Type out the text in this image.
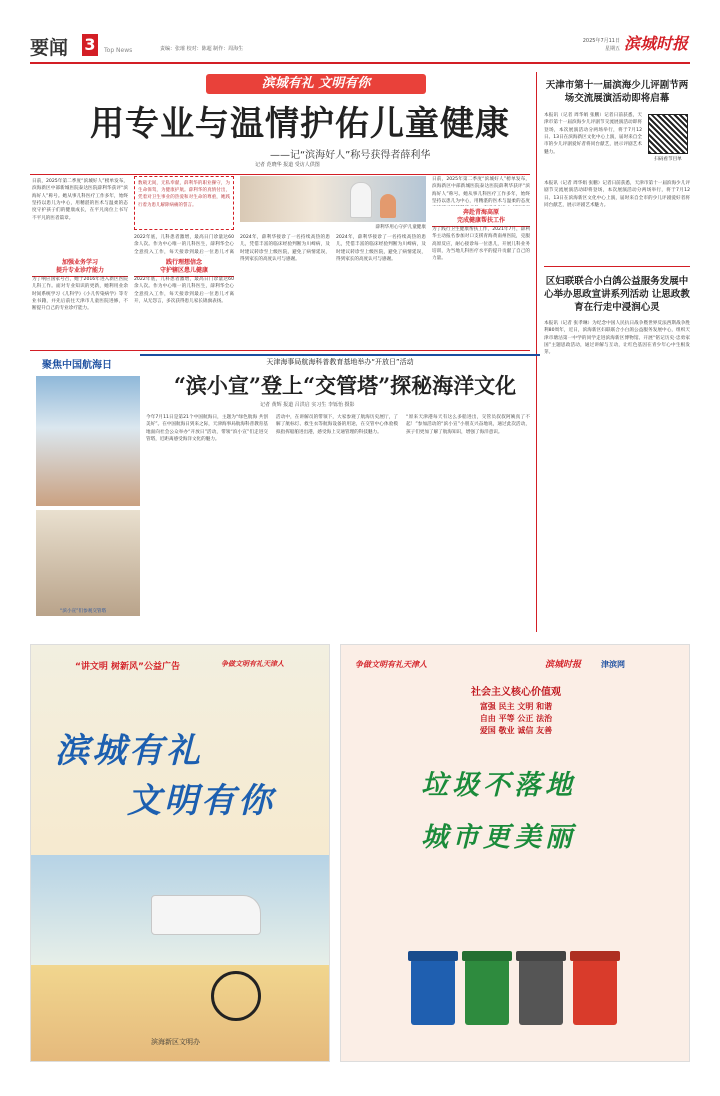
要闻 3	Top News	责编：张璀 校对：陈超 制作：周海生
2025年7月11日
星期五 滨城时报
滨城有礼 文明有你
用专业与温情护佑儿童健康
——记“滨海好人”称号获得者薛利华
记者 范晓华 报道 受访人供图
日前，2025年第二季度“滨城好人”榜单发布，滨海新区中部新城医院泰达医院薛利华获评“滨海好人”称号。她从事儿科医疗工作多年，始终坚持以患儿为中心，用精湛的医术与温柔的态度守护孩子们的健康成长，在平凡岗位上书写不平凡的医者篇章。
加强业务学习
提升专业诊疗能力
为了响应国家号召，她于2016年进入新区医院儿科工作。面对专业知识的更新，她利用业余时间系统学习《儿科学》《小儿传染病学》等专业书籍，并先后前往天津市儿童医院进修，不断提升自己的专业诊疗能力。
数载无间，无私奉献，薛利华的职业操守，为生命保驾，为健康护航。薛利华的真情付出，凭着对卫生事业的热爱和对生命的尊重，她践行着为患儿解除病痛的誓言。
2022年底，儿科患者激增，最高日门诊量达60余人次。作为中心唯一的儿科医生，薛利华全心全意投入工作，每天接诊到最后一位患儿才离
践行理想信念
守护辖区患儿健康
2022年底，儿科患者激增，最高日门诊量达60余人次。作为中心唯一的儿科医生，薛利华全心全意投入工作，每天接诊到最后一位患儿才离开，从无怨言，多次获得患儿家长锦旗表扬。
薛利华用心守护儿童健康
2024年，薛利华接诊了一名持续高热的患儿，凭借丰富的临床经验判断为川崎病，及时建议转诊至上级医院，避免了病情延误，得到家长的高度认可与感谢。
2024年，薛利华接诊了一名持续高热的患儿，凭借丰富的临床经验判断为川崎病，及时建议转诊至上级医院，避免了病情延误，得到家长的高度认可与感谢。
日前，2025年第二季度“滨城好人”榜单发布，滨海新区中部新城医院泰达医院薛利华获评“滨海好人”称号。她从事儿科医疗工作多年，始终坚持以患儿为中心，用精湛的医术与温柔的态度
奔赴青海高原
完成健康帮扶工作
为了践行卫生健康帮扶工作，2021年7月，薛利华主动报名参加对口支援青海黄南州医院，克服高原反应，耐心接诊每一位患儿，开展儿科业务培训，为当地儿科医疗水平的提升贡献了自己的力量。
天津市第十一届滨海少儿评剧节两场交流展演活动即将启幕
本报讯（记者 周华娟 张鹏）记者日前获悉，天津市第十一届滨海少儿评剧节交流展演活动即将登场，本次展演活动分两场举行，将于7月12日、13日在滨海新区文化中心上演，届时来自全市的少儿评剧爱好者将同台献艺，展示评剧艺术魅力。
扫码看节目单
本报讯（记者 周华娟 张鹏）记者日前获悉，天津市第十一届滨海少儿评剧节交流展演活动即将登场，本次展演活动分两场举行，将于7月12日、13日在滨海新区文化中心上演，届时来自全市的少儿评剧爱好者将同台献艺，展示评剧艺术魅力。
区妇联联合小白鸽公益服务发展中心举办思政宣讲系列活动 让思政教育在行走中浸润心灵
本报讯（记者 张孝琳）为纪念中国人民抗日战争暨世界反法西斯战争胜利80周年，近日，滨海新区妇联联合小白鸽公益服务发展中心，组织天津市塘沽第一中学的同学走进滨海新区博物馆、开展“铭记历史·忠勇家国”主题思政活动，通过讲解与互动，让红色基因在青少年心中生根发芽。
聚焦中国航海日	天津海事局航海科普教育基地举办“开放日”活动
“滨小宣”登上“交管塔”探秘海洋文化
记者 黄辉 报道 吕洪启 实习生 李铄怡 摄影
“滨小宣”们参观交管塔
今年7月11日是第21个中国航海日，主题为“绿色航海 共创美好”。在中国航海日到来之际，天津海事局航海科普教育基地面向社会公众举办“开放日”活动，带领“滨小宣”们走进交管塔，近距离感受海洋文化的魅力。
活动中，在讲解员的带领下，大家参观了航海历史展厅，了解了航标灯、救生衣等航海设备的用途，在交管中心体验模拟指挥船舶进出港，感受海上交通管理的科技魅力。
“原来天津港每天有这么多船进出，交管员叔叔阿姨真了不起！”参加活动的“滨小宣”小朋友兴奋地说，通过此次活动，孩子们更加了解了航海知识，增强了海洋意识。
“讲文明 树新风”公益广告	争做文明有礼天津人
滨城有礼
文明有你
滨海新区文明办
争做文明有礼天津人	滨城时报 津滨网
社会主义核心价值观
富强 民主 文明 和谐
自由 平等 公正 法治
爱国 敬业 诚信 友善
垃圾不落地
城市更美丽
